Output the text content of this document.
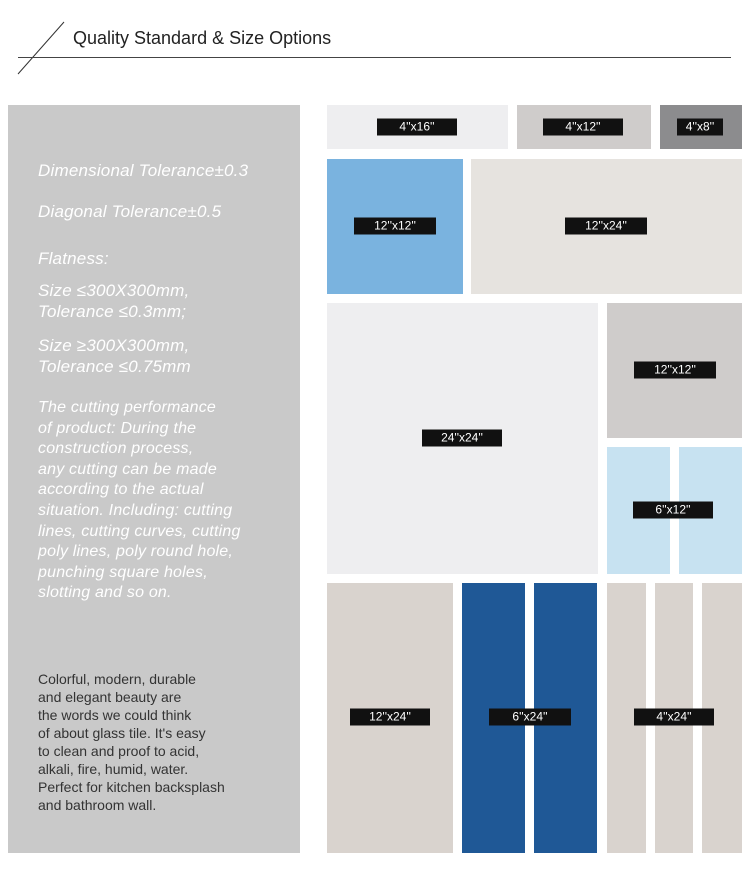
Quality Standard & Size Options
Dimensional Tolerance±0.3
Diagonal Tolerance±0.5
Flatness:
Size ≤300X300mm,
Tolerance ≤0.3mm;
Size ≥300X300mm,
Tolerance ≤0.75mm
The cutting performance
of product: During the
construction process,
any cutting can be made
according to the actual
situation. Including: cutting
lines, cutting curves, cutting
poly lines, poly round hole,
punching square holes,
slotting and so on.
Colorful, modern, durable
and elegant beauty are
the words we could think
of about glass tile. It's easy
to clean and proof to acid,
alkali, fire, humid, water.
Perfect for kitchen backsplash
and bathroom wall.
4''x16''	4''x12''	4''x8''
12''x12''	12''x24''
24''x24''
12''x12''
6''x12''
12''x24''	6''x24''	4''x24''
